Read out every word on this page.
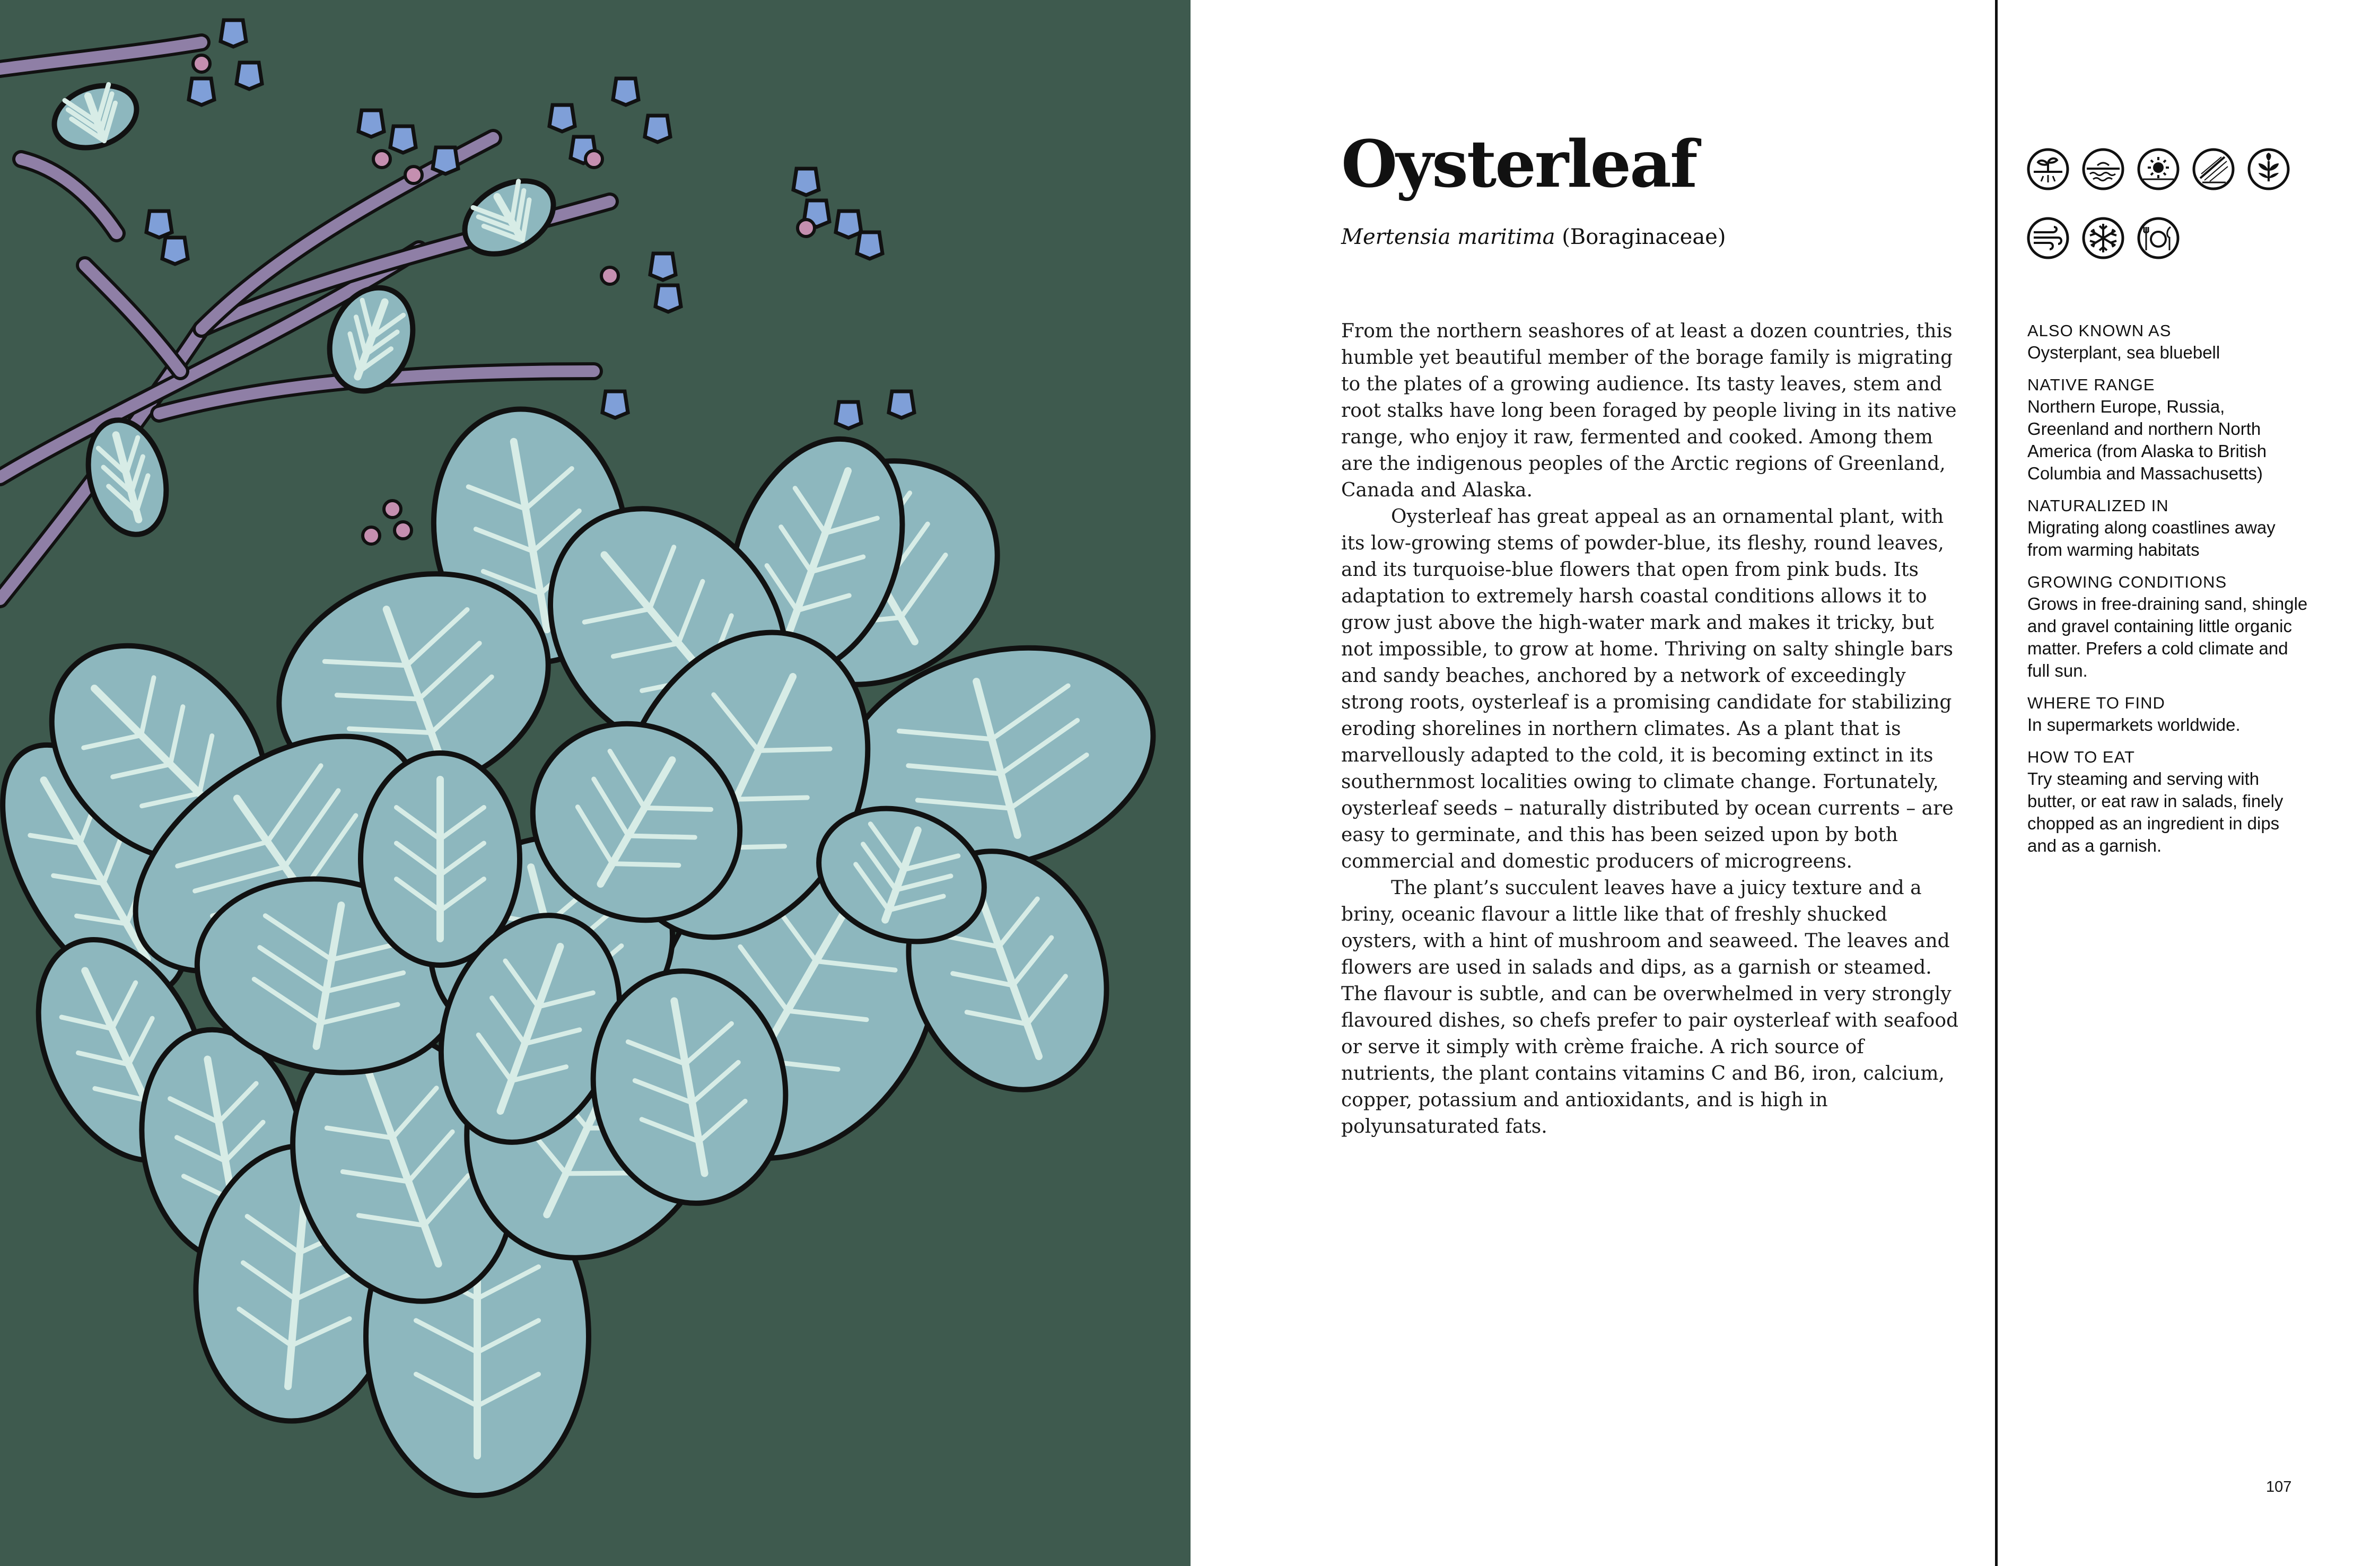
Oysterleaf
Mertensia maritima (Boraginaceae)

From the northern seashores of at least a dozen countries, this humble yet beautiful member of the borage family is migrating to the plates of a growing audience. Its tasty leaves, stem and root stalks have long been foraged by people living in its native range, who enjoy it raw, fermented and cooked. Among them are the indigenous peoples of the Arctic regions of Greenland, Canada and Alaska.

Oysterleaf has great appeal as an ornamental plant, with its low-growing stems of powder-blue, its fleshy, round leaves, and its turquoise-blue flowers that open from pink buds. Its adaptation to extremely harsh coastal conditions allows it to grow just above the high-water mark and makes it tricky, but not impossible, to grow at home. Thriving on salty shingle bars and sandy beaches, anchored by a network of exceedingly strong roots, oysterleaf is a promising candidate for stabilizing eroding shorelines in northern climates. As a plant that is marvellously adapted to the cold, it is becoming extinct in its southernmost localities owing to climate change. Fortunately, oysterleaf seeds – naturally distributed by ocean currents – are easy to germinate, and this has been seized upon by both commercial and domestic producers of microgreens.

The plant’s succulent leaves have a juicy texture and a briny, oceanic flavour a little like that of freshly shucked oysters, with a hint of mushroom and seaweed. The leaves and flowers are used in salads and dips, as a garnish or steamed. The flavour is subtle, and can be overwhelmed in very strongly flavoured dishes, so chefs prefer to pair oysterleaf with seafood or serve it simply with crème fraiche. A rich source of nutrients, the plant contains vitamins C and B6, iron, calcium, copper, potassium and antioxidants, and is high in polyunsaturated fats.

ALSO KNOWN AS
Oysterplant, sea bluebell
NATIVE RANGE
Northern Europe, Russia, Greenland and northern North America (from Alaska to British Columbia and Massachusetts)
NATURALIZED IN
Migrating along coastlines away from warming habitats
GROWING CONDITIONS
Grows in free-draining sand, shingle and gravel containing little organic matter. Prefers a cold climate and full sun.
WHERE TO FIND
In supermarkets worldwide.
HOW TO EAT
Try steaming and serving with butter, or eat raw in salads, finely chopped as an ingredient in dips and as a garnish.
107
